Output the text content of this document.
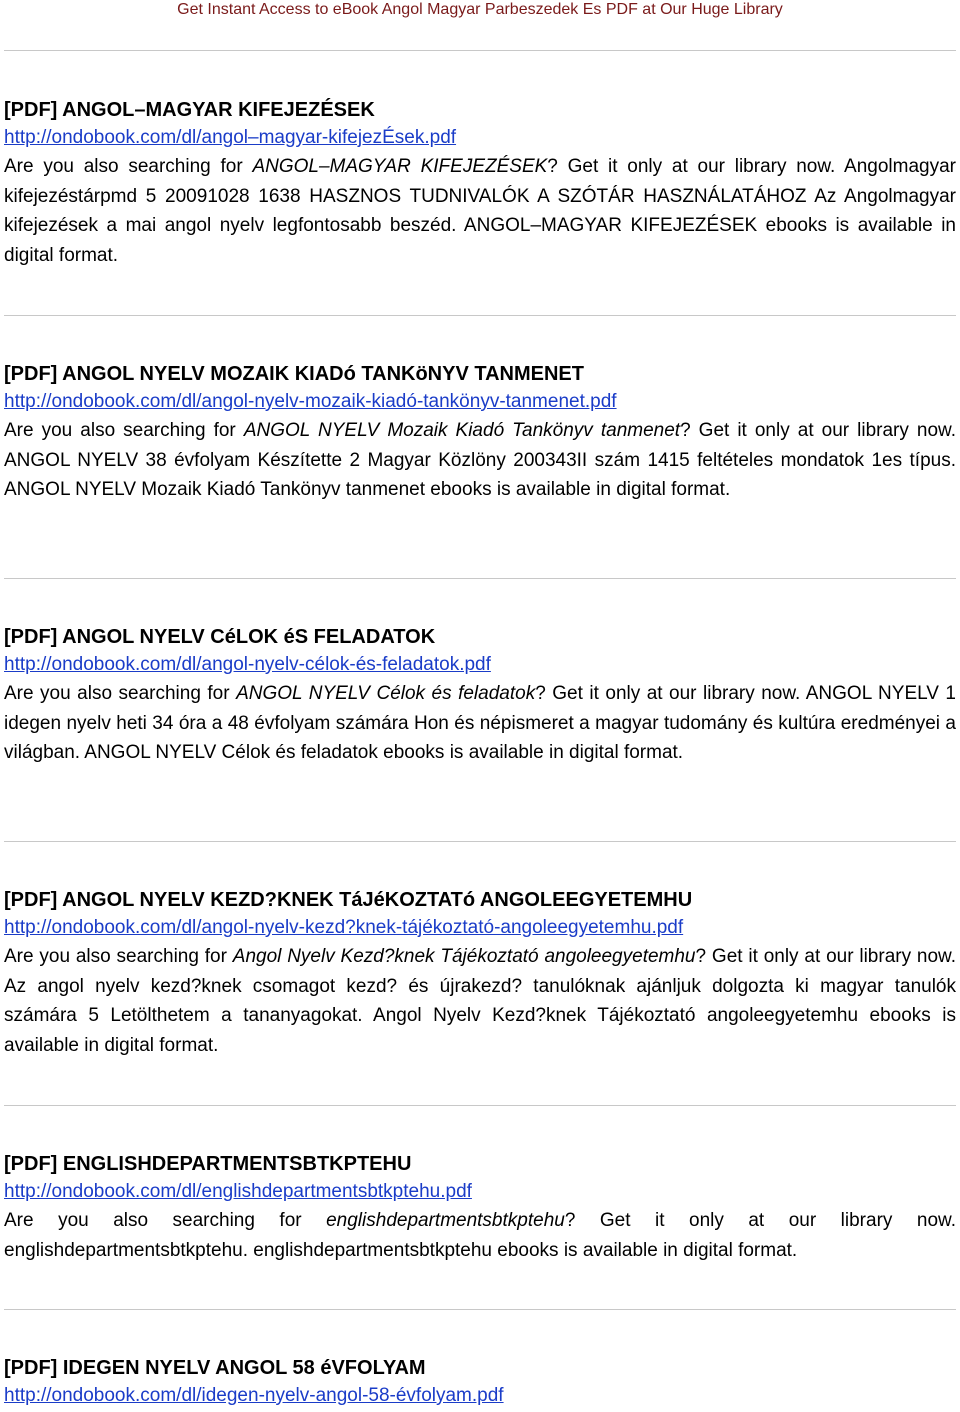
Get Instant Access to eBook Angol Magyar Parbeszedek Es PDF at Our Huge Library
[PDF] ANGOL–MAGYAR KIFEJEZÉSEK
http://ondobook.com/dl/angol–magyar-kifejezÉsek.pdf

Are you also searching for ANGOL–MAGYAR KIFEJEZÉSEK? Get it only at our library now. Angolmagyar kifejezéstárpmd 5 20091028 1638 HASZNOS TUDNIVALÓK A SZÓTÁR HASZNÁLATÁHOZ Az Angolmagyar kifejezések a mai angol nyelv legfontosabb beszéd. ANGOL–MAGYAR KIFEJEZÉSEK ebooks is available in digital format.

[PDF] ANGOL NYELV MOZAIK KIADó TANKöNYV TANMENET
http://ondobook.com/dl/angol-nyelv-mozaik-kiadó-tankönyv-tanmenet.pdf

Are you also searching for ANGOL NYELV Mozaik Kiadó Tankönyv tanmenet? Get it only at our library now. ANGOL NYELV 38 évfolyam Készítette 2 Magyar Közlöny 200343II szám 1415 feltételes mondatok 1es típus. ANGOL NYELV Mozaik Kiadó Tankönyv tanmenet ebooks is available in digital format.

[PDF] ANGOL NYELV CéLOK éS FELADATOK
http://ondobook.com/dl/angol-nyelv-célok-és-feladatok.pdf

Are you also searching for ANGOL NYELV Célok és feladatok? Get it only at our library now. ANGOL NYELV 1 idegen nyelv heti 34 óra a 48 évfolyam számára Hon és népismeret a magyar tudomány és kultúra eredményei a világban. ANGOL NYELV Célok és feladatok ebooks is available in digital format.

[PDF] ANGOL NYELV KEZD?KNEK TáJéKOZTATó ANGOLEEGYETEMHU
http://ondobook.com/dl/angol-nyelv-kezd?knek-tájékoztató-angoleegyetemhu.pdf

Are you also searching for Angol Nyelv Kezd?knek Tájékoztató angoleegyetemhu? Get it only at our library now. Az angol nyelv kezd?knek csomagot kezd? és újrakezd? tanulóknak ajánljuk dolgozta ki magyar tanulók számára 5 Letölthetem a tananyagokat. Angol Nyelv Kezd?knek Tájékoztató angoleegyetemhu ebooks is available in digital format.

[PDF] ENGLISHDEPARTMENTSBTKPTEHU
http://ondobook.com/dl/englishdepartmentsbtkptehu.pdf

Are you also searching for englishdepartmentsbtkptehu? Get it only at our library now. englishdepartmentsbtkptehu. englishdepartmentsbtkptehu ebooks is available in digital format.

[PDF] IDEGEN NYELV ANGOL 58 éVFOLYAM
http://ondobook.com/dl/idegen-nyelv-angol-58-évfolyam.pdf
